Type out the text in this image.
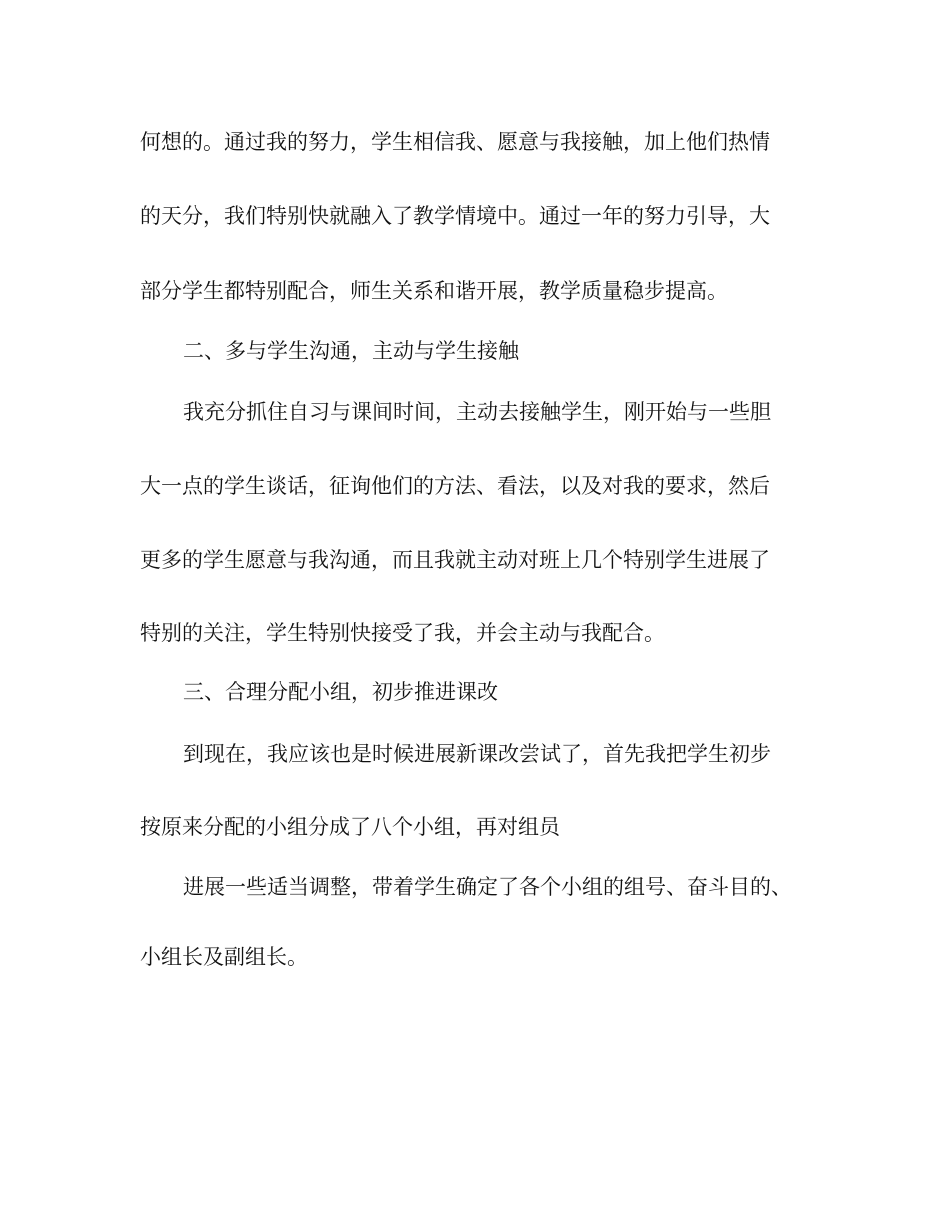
何想的。通过我的努力，学生相信我、愿意与我接触，加上他们热情

的天分，我们特别快就融入了教学情境中。通过一年的努力引导，大

部分学生都特别配合，师生关系和谐开展，教学质量稳步提高。

二、多与学生沟通，主动与学生接触

我充分抓住自习与课间时间，主动去接触学生，刚开始与一些胆

大一点的学生谈话，征询他们的方法、看法，以及对我的要求，然后

更多的学生愿意与我沟通，而且我就主动对班上几个特别学生进展了

特别的关注，学生特别快接受了我，并会主动与我配合。

三、合理分配小组，初步推进课改

到现在，我应该也是时候进展新课改尝试了，首先我把学生初步

按原来分配的小组分成了八个小组，再对组员

进展一些适当调整，带着学生确定了各个小组的组号、奋斗目的、

小组长及副组长。
